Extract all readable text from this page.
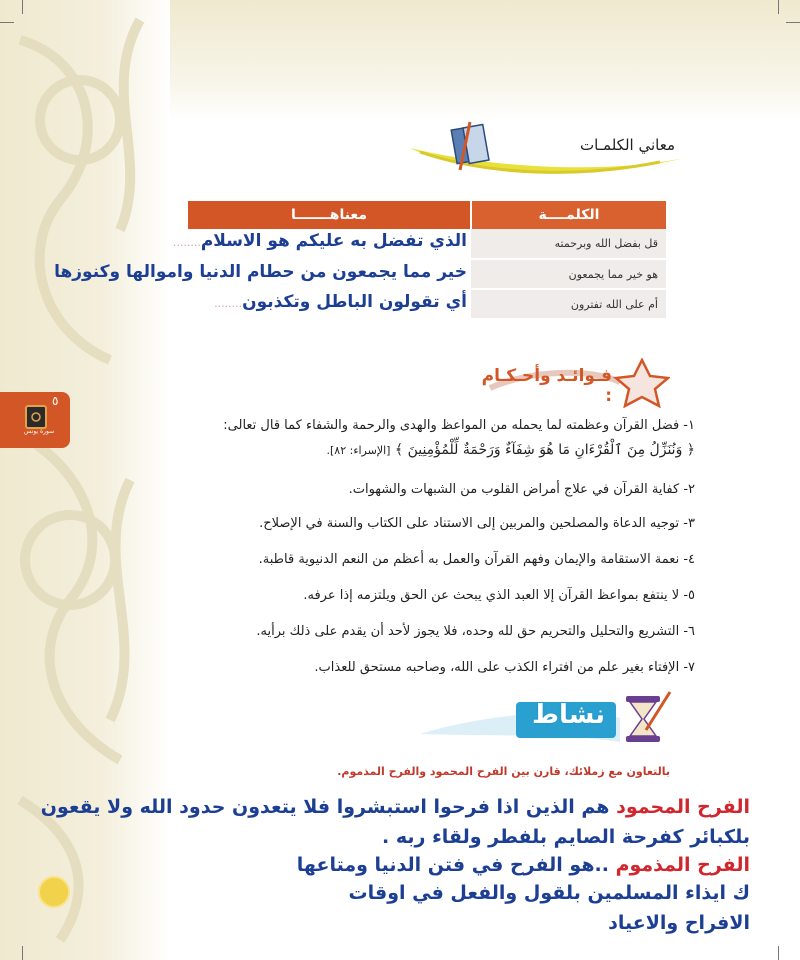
معاني الكلمـات
الكلمــــة	معناهـــــــا
قل بفضل الله وبرحمته	الذي تفضل به عليكم هو الاسلام........

هو خير مما يجمعون	خير مما يجمعون من حطام الدنيا واموالها وكنوزها

أم على الله تفترون	أي تقولون الباطل وتكذبون........
فـوائـد وأحـكـام :
٥
سورة يونس	١- فضل القرآن وعظمته لما يحمله من المواعظ والهدى والرحمة والشفاء كما قال تعالى:
﴿ وَنُنَزِّلُ مِنَ ٱلْقُرْءَانِ مَا هُوَ شِفَآءٌ وَرَحْمَةٌ لِّلْمُؤْمِنِينَ ﴾ [الإسراء: ٨٢].
٢- كفاية القرآن في علاج أمراض القلوب من الشبهات والشهوات.
٣- توجيه الدعاة والمصلحين والمربين إلى الاستناد على الكتاب والسنة في الإصلاح.
٤- نعمة الاستقامة والإيمان وفهم القرآن والعمل به أعظم من النعم الدنيوية قاطبة.
٥- لا ينتفع بمواعظ القرآن إلا العبد الذي يبحث عن الحق ويلتزمه إذا عرفه.
٦- التشريع والتحليل والتحريم حق لله وحده، فلا يجوز لأحد أن يقدم على ذلك برأيه.
٧- الإفتاء بغير علم من افتراء الكذب على الله، وصاحبه مستحق للعذاب.
نشاط
بالتعاون مع زملائك، قارن بين الفرح المحمود والفرح المذموم.
الفرح المحمود هم الذين اذا فرحوا استبشروا فلا يتعدون حدود الله ولا يقعون
بلكبائر كفرحة الصايم بلفطر ولقاء ربه .
الفرح المذموم ..هو الفرح في فتن الدنيا ومتاعها
ك ايذاء المسلمين بلقول والفعل في اوقات
الافراح والاعياد
